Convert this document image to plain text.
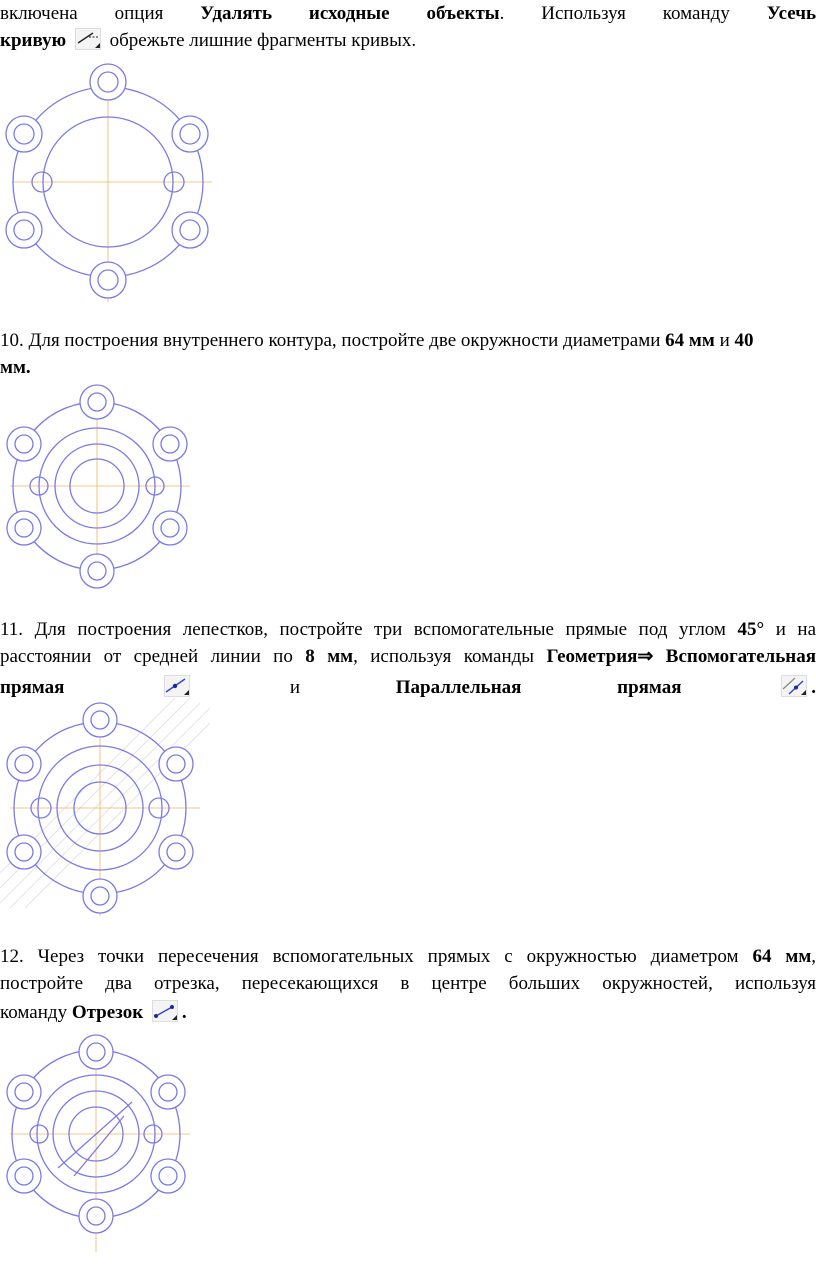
включена опция Удалять исходные объекты. Используя команду Усечь
кривую обрежьте лишние фрагменты кривых.
10. Для построения внутреннего контура, постройте две окружности диаметрами 64 мм и 40
мм.
11. Для построения лепестков, постройте три вспомогательные прямые под углом 45° и на
расстоянии от средней линии по 8 мм, используя команды Геометрия⇒ Вспомогательная
прямая	и	Параллельная прямая	.
12. Через точки пересечения вспомогательных прямых с окружностью диаметром 64 мм,
постройте два отрезка, пересекающихся в центре больших окружностей, используя
команду Отрезок .
